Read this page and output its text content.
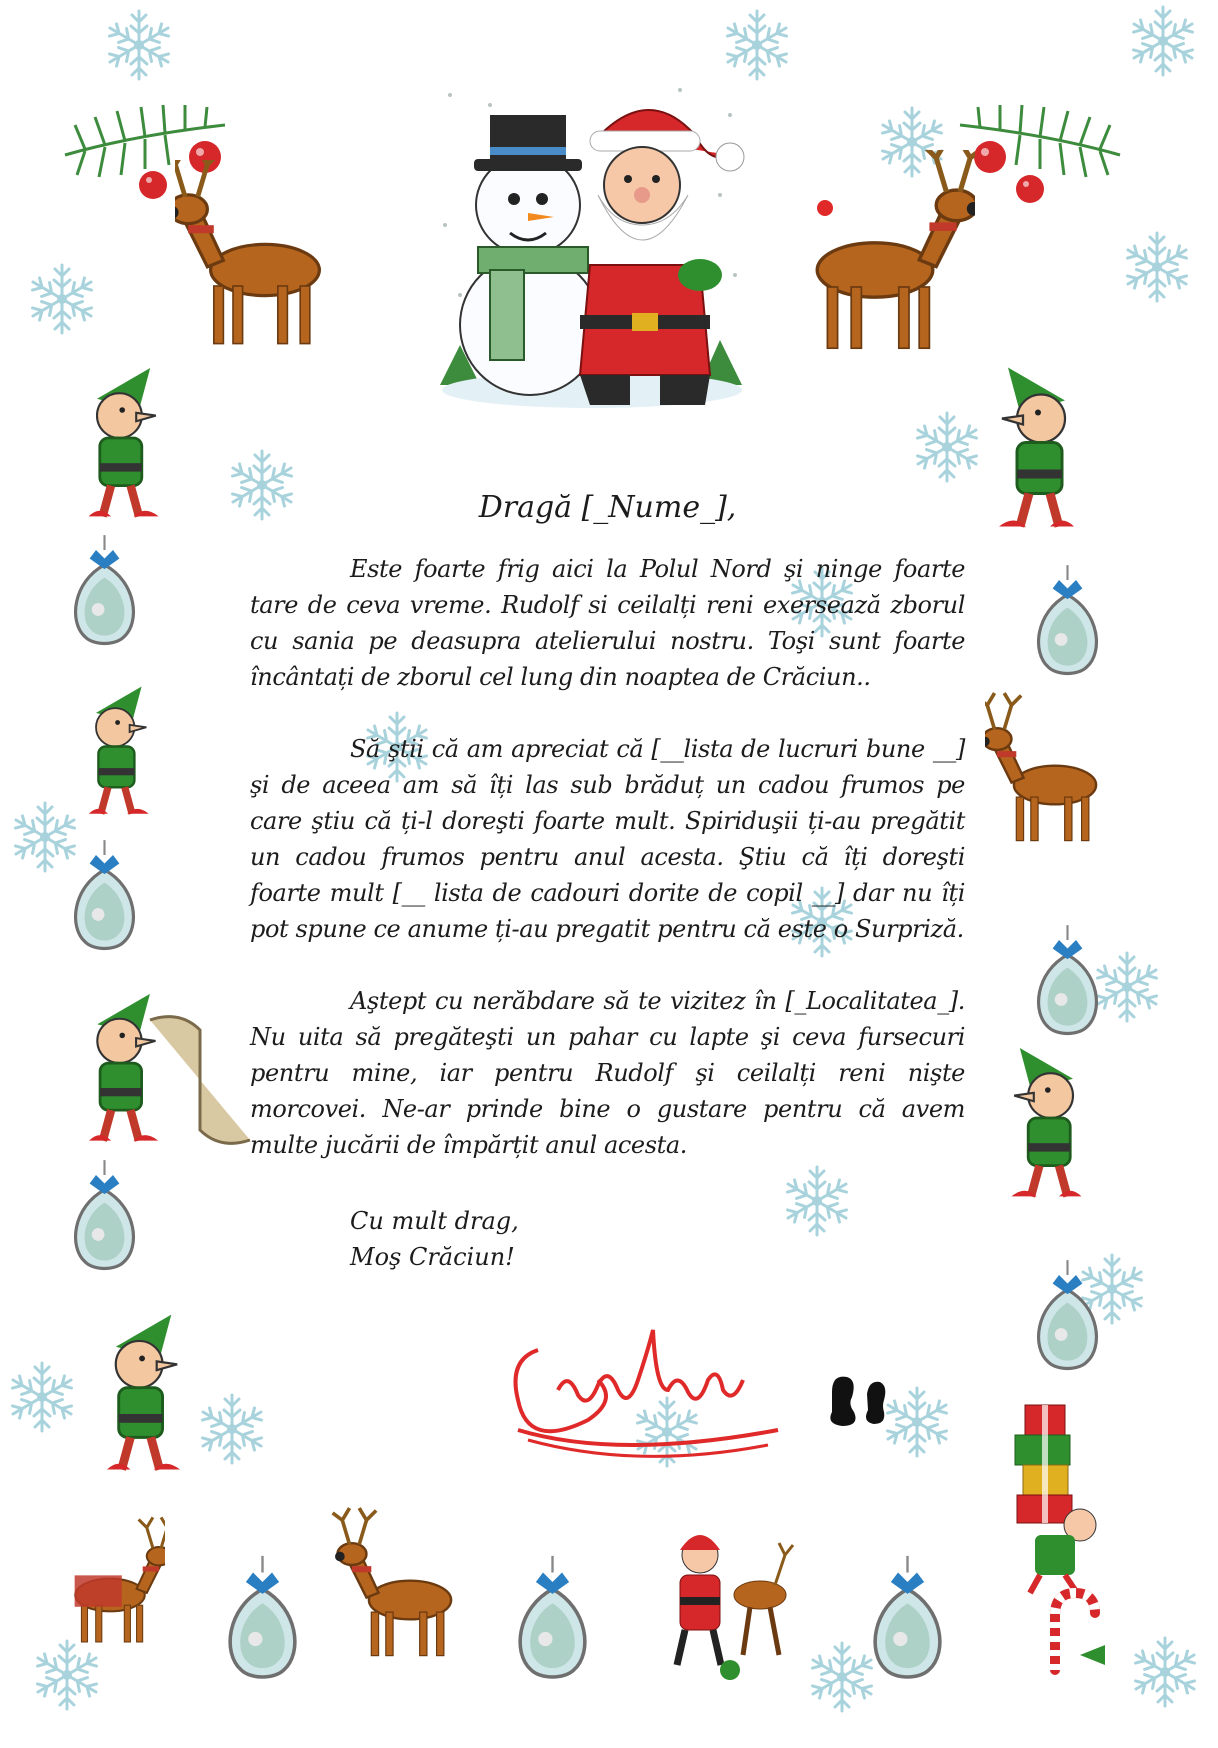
Dragă [_Nume_],

Este foarte frig aici la Polul Nord şi ninge foarte tare de ceva vreme. Rudolf si ceilalți reni exersează zborul cu sania pe deasupra atelierului nostru. Toşi sunt foarte încântați de zborul cel lung din noaptea de Crăciun..

Să ştii că am apreciat că [__lista de lucruri bune __] şi de aceea am să îți las sub brăduț un cadou frumos pe care ştiu că ți-l doreşti foarte mult. Spiriduşii ți-au pregătit un cadou frumos pentru anul acesta. Ştiu că îți doreşti foarte mult [__ lista de cadouri dorite de copil __] dar nu îți pot spune ce anume ți-au pregatit pentru că este o Surpriză.

Aştept cu nerăbdare să te vizitez în [_Localitatea_]. Nu uita să pregăteşti un pahar cu lapte şi ceva fursecuri pentru mine, iar pentru Rudolf şi ceilalți reni nişte morcovei. Ne-ar prinde bine o gustare pentru că avem multe jucării de împărțit anul acesta.

Cu mult drag,
Moş Crăciun!
